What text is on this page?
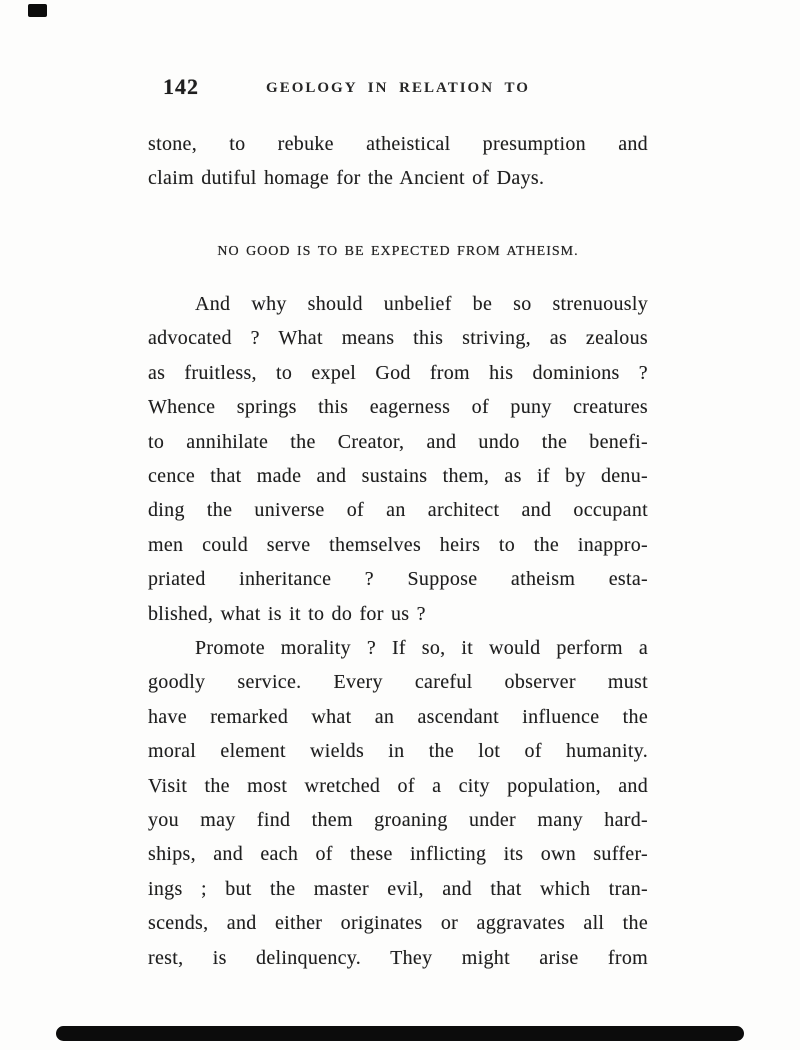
142	GEOLOGY IN RELATION TO
stone, to rebuke atheistical presumption and
claim dutiful homage for the Ancient of Days.
NO GOOD IS TO BE EXPECTED FROM ATHEISM.
And why should unbelief be so strenuously
advocated ? What means this striving, as zealous
as fruitless, to expel God from his dominions ?
Whence springs this eagerness of puny creatures
to annihilate the Creator, and undo the benefi-
cence that made and sustains them, as if by denu-
ding the universe of an architect and occupant
men could serve themselves heirs to the inappro-
priated inheritance ? Suppose atheism esta-
blished, what is it to do for us ?
Promote morality ? If so, it would perform a
goodly service. Every careful observer must
have remarked what an ascendant influence the
moral element wields in the lot of humanity.
Visit the most wretched of a city population, and
you may find them groaning under many hard-
ships, and each of these inflicting its own suffer-
ings ; but the master evil, and that which tran-
scends, and either originates or aggravates all the
rest, is delinquency. They might arise from
